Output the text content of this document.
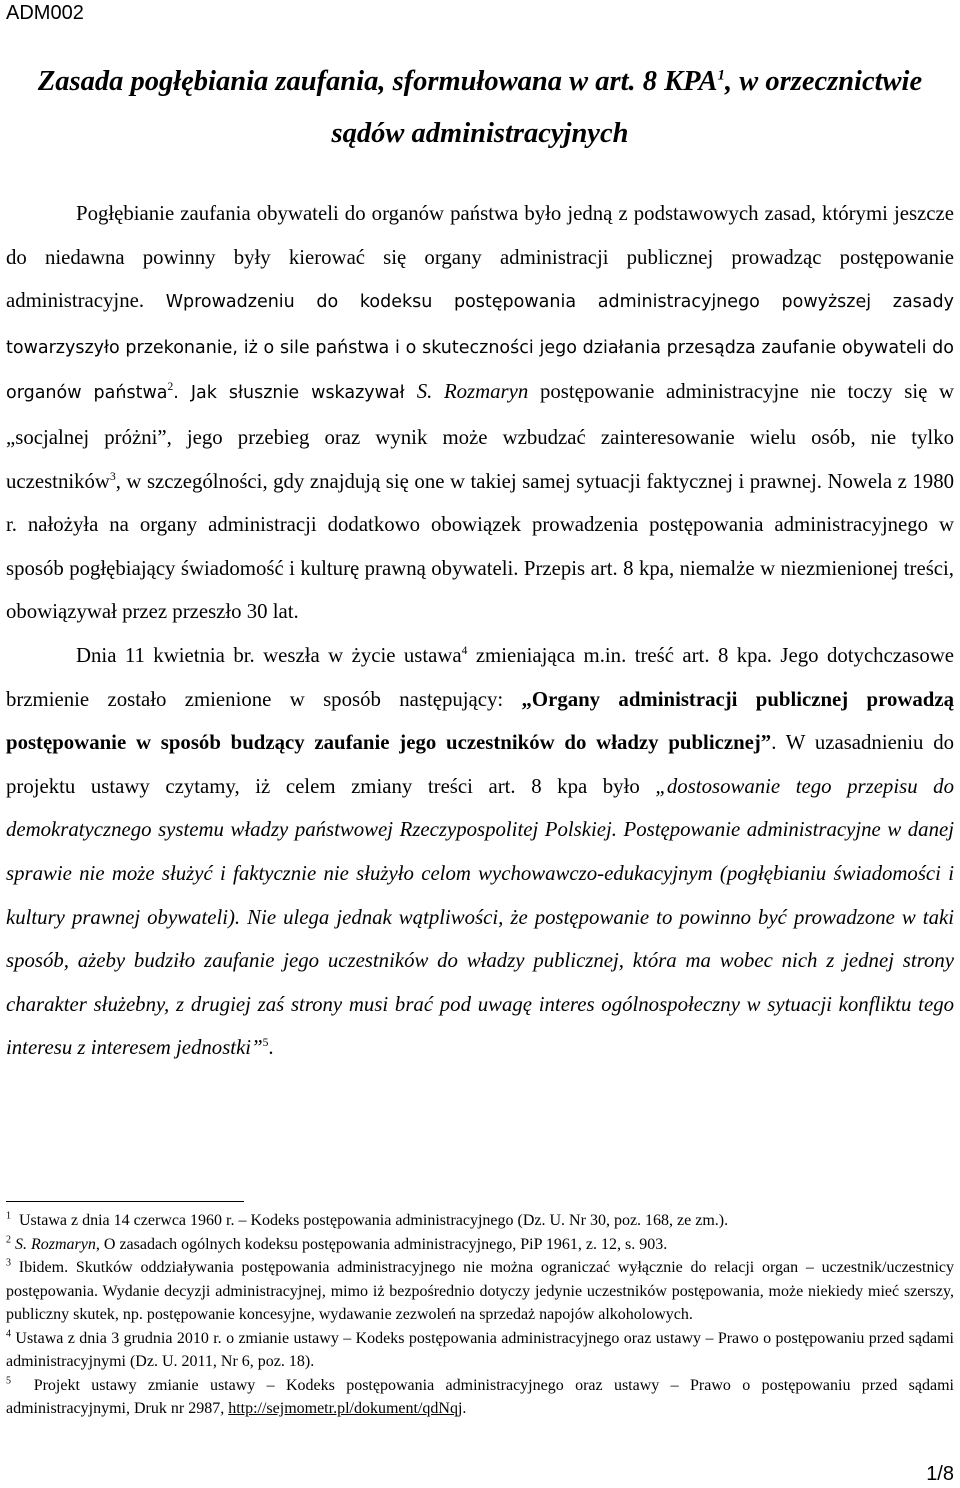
ADM002
Zasada pogłębiania zaufania, sformułowana w art. 8 KPA$^1$, w orzecznictwie sądów administracyjnych

Pogłębianie zaufania obywateli do organów państwa było jedną z podstawowych zasad, którymi jeszcze do niedawna powinny były kierować się organy administracji publicznej prowadząc postępowanie administracyjne. Wprowadzeniu do kodeksu postępowania administracyjnego powyższej zasady towarzyszyło przekonanie, iż o sile państwa i o skuteczności jego działania przesądza zaufanie obywateli do organów państwa$^2$. Jak słusznie wskazywał S. Rozmaryn postępowanie administracyjne nie toczy się w „socjalnej próżni”, jego przebieg oraz wynik może wzbudzać zainteresowanie wielu osób, nie tylko uczestników$^3$, w szczególności, gdy znajdują się one w takiej samej sytuacji faktycznej i prawnej. Nowela z 1980 r. nałożyła na organy administracji dodatkowo obowiązek prowadzenia postępowania administracyjnego w sposób pogłębiający świadomość i kulturę prawną obywateli. Przepis art. 8 kpa, niemalże w niezmienionej treści, obowiązywał przez przeszło 30 lat.

Dnia 11 kwietnia br. weszła w życie ustawa$^4$ zmieniająca m.in. treść art. 8 kpa. Jego dotychczasowe brzmienie zostało zmienione w sposób następujący: „Organy administracji publicznej prowadzą postępowanie w sposób budzący zaufanie jego uczestników do władzy publicznej”. W uzasadnieniu do projektu ustawy czytamy, iż celem zmiany treści art. 8 kpa było „dostosowanie tego przepisu do demokratycznego systemu władzy państwowej Rzeczypospolitej Polskiej. Postępowanie administracyjne w danej sprawie nie może służyć i faktycznie nie służyło celom wychowawczo-edukacyjnym (pogłębianiu świadomości i kultury prawnej obywateli). Nie ulega jednak wątpliwości, że postępowanie to powinno być prowadzone w taki sposób, ażeby budziło zaufanie jego uczestników do władzy publicznej, która ma wobec nich z jednej strony charakter służebny, z drugiej zaś strony musi brać pod uwagę interes ogólnospołeczny w sytuacji konfliktu tego interesu z interesem jednostki”$^5$.

$^1$ Ustawa z dnia 14 czerwca 1960 r. – Kodeks postępowania administracyjnego (Dz. U. Nr 30, poz. 168, ze zm.).
$^2$ S. Rozmaryn, O zasadach ogólnych kodeksu postępowania administracyjnego, PiP 1961, z. 12, s. 903.
$^3$ Ibidem. Skutków oddziaływania postępowania administracyjnego nie można ograniczać wyłącznie do relacji organ – uczestnik/uczestnicy postępowania. Wydanie decyzji administracyjnej, mimo iż bezpośrednio dotyczy jedynie uczestników postępowania, może niekiedy mieć szerszy, publiczny skutek, np. postępowanie koncesyjne, wydawanie zezwoleń na sprzedaż napojów alkoholowych.
$^4$ Ustawa z dnia 3 grudnia 2010 r. o zmianie ustawy – Kodeks postępowania administracyjnego oraz ustawy – Prawo o postępowaniu przed sądami administracyjnymi (Dz. U. 2011, Nr 6, poz. 18).
$^5$ Projekt ustawy zmianie ustawy – Kodeks postępowania administracyjnego oraz ustawy – Prawo o postępowaniu przed sądami administracyjnymi, Druk nr 2987, http://sejmometr.pl/dokument/qdNqj.
1/8
